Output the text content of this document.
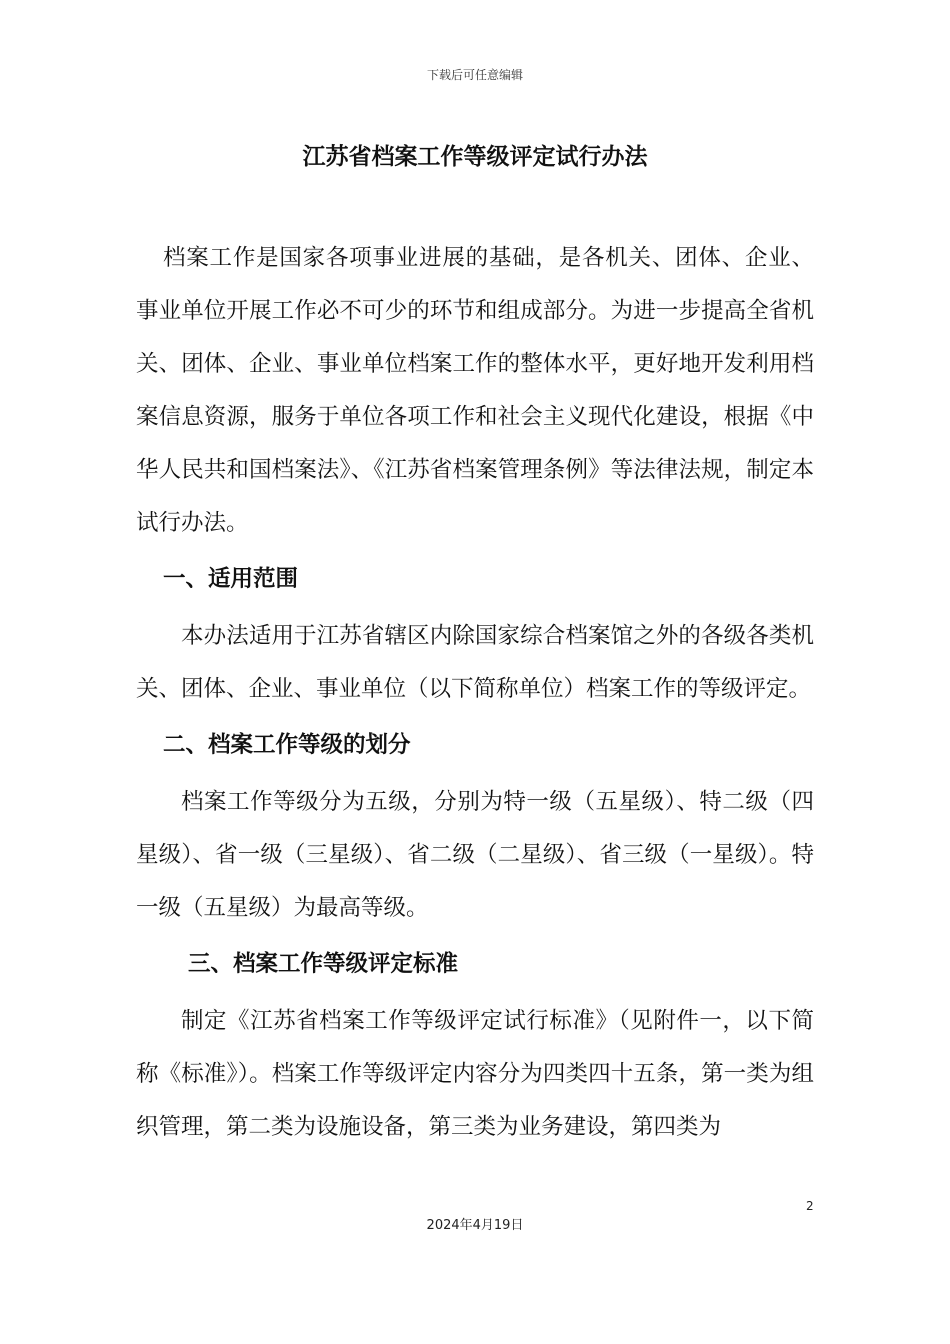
下载后可任意编辑
江苏省档案工作等级评定试行办法

档案工作是国家各项事业进展的基础，是各机关、团体、企业、事业单位开展工作必不可少的环节和组成部分。为进一步提高全省机关、团体、企业、事业单位档案工作的整体水平，更好地开发利用档案信息资源，服务于单位各项工作和社会主义现代化建设，根据《中华人民共和国档案法》、《江苏省档案管理条例》等法律法规，制定本试行办法。

一、适用范围

本办法适用于江苏省辖区内除国家综合档案馆之外的各级各类机关、团体、企业、事业单位（以下简称单位）档案工作的等级评定。

二、档案工作等级的划分

档案工作等级分为五级，分别为特一级（五星级）、特二级（四星级）、省一级（三星级）、省二级（二星级）、省三级（一星级）。特一级（五星级）为最高等级。

三、档案工作等级评定标准

制定《江苏省档案工作等级评定试行标准》（见附件一，以下简称《标准》）。档案工作等级评定内容分为四类四十五条，第一类为组织管理，第二类为设施设备，第三类为业务建设，第四类为

2
2024年4月19日
